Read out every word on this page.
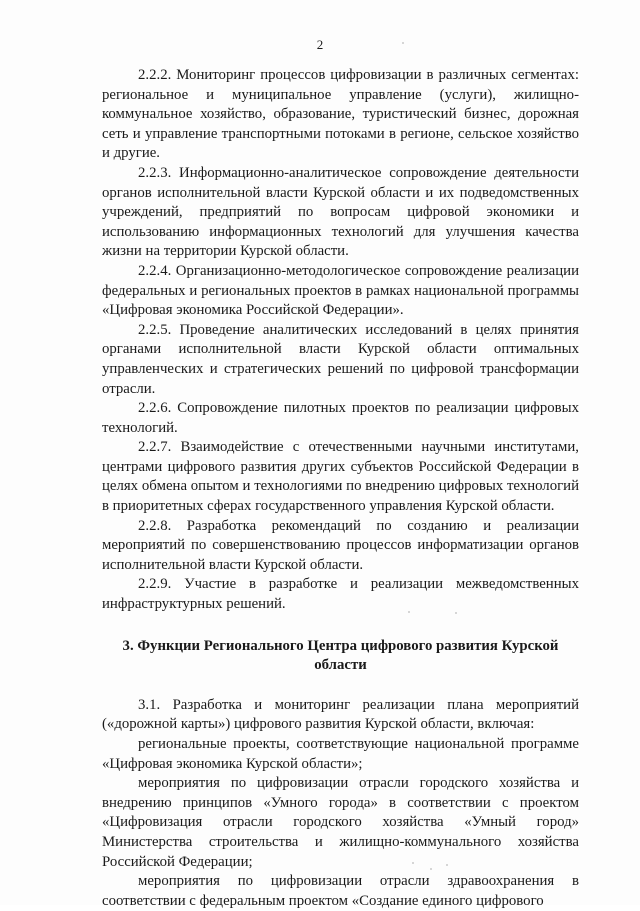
2

2.2.2. Мониторинг процессов цифровизации в различных сегментах: региональное и муниципальное управление (услуги), жилищно-коммунальное хозяйство, образование, туристический бизнес, дорожная сеть и управление транспортными потоками в регионе, сельское хозяйство и другие.

2.2.3. Информационно-аналитическое сопровождение деятельности органов исполнительной власти Курской области и их подведомственных учреждений, предприятий по вопросам цифровой экономики и использованию информационных технологий для улучшения качества жизни на территории Курской области.

2.2.4. Организационно-методологическое сопровождение реализации федеральных и региональных проектов в рамках национальной программы «Цифровая экономика Российской Федерации».

2.2.5. Проведение аналитических исследований в целях принятия органами исполнительной власти Курской области оптимальных управленческих и стратегических решений по цифровой трансформации отрасли.

2.2.6. Сопровождение пилотных проектов по реализации цифровых технологий.

2.2.7. Взаимодействие с отечественными научными институтами, центрами цифрового развития других субъектов Российской Федерации в целях обмена опытом и технологиями по внедрению цифровых технологий в приоритетных сферах государственного управления Курской области.

2.2.8. Разработка рекомендаций по созданию и реализации мероприятий по совершенствованию процессов информатизации органов исполнительной власти Курской области.

2.2.9. Участие в разработке и реализации межведомственных инфраструктурных решений.

3. Функции Регионального Центра цифрового развития Курской области

3.1. Разработка и мониторинг реализации плана мероприятий («дорожной карты») цифрового развития Курской области, включая:

региональные проекты, соответствующие национальной программе «Цифровая экономика Курской области»;

мероприятия по цифровизации отрасли городского хозяйства и внедрению принципов «Умного города» в соответствии с проектом «Цифровизация отрасли городского хозяйства «Умный город» Министерства строительства и жилищно-коммунального хозяйства Российской Федерации;

мероприятия по цифровизации отрасли здравоохранения в соответствии с федеральным проектом «Создание единого цифрового
